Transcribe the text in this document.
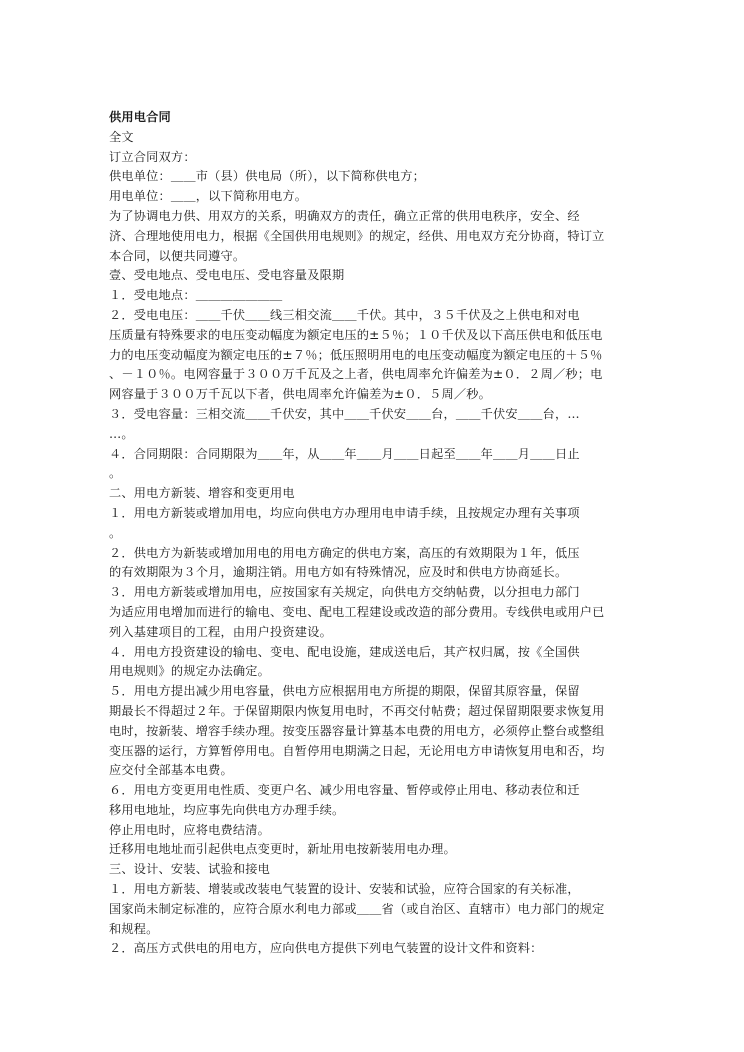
供用电合同
全文
订立合同双方：
供电单位：＿＿市（县）供电局（所），以下简称供电方；
用电单位：＿＿，以下简称用电方。
为了协调电力供、用双方的关系，明确双方的责任，确立正常的供用电秩序，安全、经
济、合理地使用电力，根据《全国供用电规则》的规定，经供、用电双方充分协商，特订立
本合同，以便共同遵守。
壹、受电地点、受电电压、受电容量及限期
１．受电地点：＿＿＿＿＿＿＿
２．受电电压：＿＿千伏＿＿线三相交流＿＿千伏。其中，３５千伏及之上供电和对电
压质量有特殊要求的电压变动幅度为额定电压的±５％；１０千伏及以下高压供电和低压电
力的电压变动幅度为额定电压的±７％；低压照明用电的电压变动幅度为额定电压的＋５％
、－１０％。电网容量于３００万千瓦及之上者，供电周率允许偏差为±０．２周／秒；电
网容量于３００万千瓦以下者，供电周率允许偏差为±０．５周／秒。
３．受电容量：三相交流＿＿千伏安，其中＿＿千伏安＿＿台，＿＿千伏安＿＿台，…
…。
４．合同期限：合同期限为＿＿年，从＿＿年＿＿月＿＿日起至＿＿年＿＿月＿＿日止
。
二、用电方新装、增容和变更用电
１．用电方新装或增加用电，均应向供电方办理用电申请手续，且按规定办理有关事项
。
２．供电方为新装或增加用电的用电方确定的供电方案，高压的有效期限为１年，低压
的有效期限为３个月，逾期注销。用电方如有特殊情况，应及时和供电方协商延长。
３．用电方新装或增加用电，应按国家有关规定，向供电方交纳帖费，以分担电力部门
为适应用电增加而进行的输电、变电、配电工程建设或改造的部分费用。专线供电或用户已
列入基建项目的工程，由用户投资建设。
４．用电方投资建设的输电、变电、配电设施，建成送电后，其产权归属，按《全国供
用电规则》的规定办法确定。
５．用电方提出减少用电容量，供电方应根据用电方所提的期限，保留其原容量，保留
期最长不得超过２年。于保留期限内恢复用电时，不再交付帖费；超过保留期限要求恢复用
电时，按新装、增容手续办理。按变压器容量计算基本电费的用电方，必须停止整台或整组
变压器的运行，方算暂停用电。自暂停用电期满之日起，无论用电方申请恢复用电和否，均
应交付全部基本电费。
６．用电方变更用电性质、变更户名、减少用电容量、暂停或停止用电、移动表位和迁
移用电地址，均应事先向供电方办理手续。
停止用电时，应将电费结清。
迁移用电地址而引起供电点变更时，新址用电按新装用电办理。
三、设计、安装、试验和接电
１．用电方新装、增装或改装电气装置的设计、安装和试验，应符合国家的有关标准，
国家尚未制定标准的，应符合原水利电力部或＿＿省（或自治区、直辖市）电力部门的规定
和规程。
２．高压方式供电的用电方，应向供电方提供下列电气装置的设计文件和资料：
